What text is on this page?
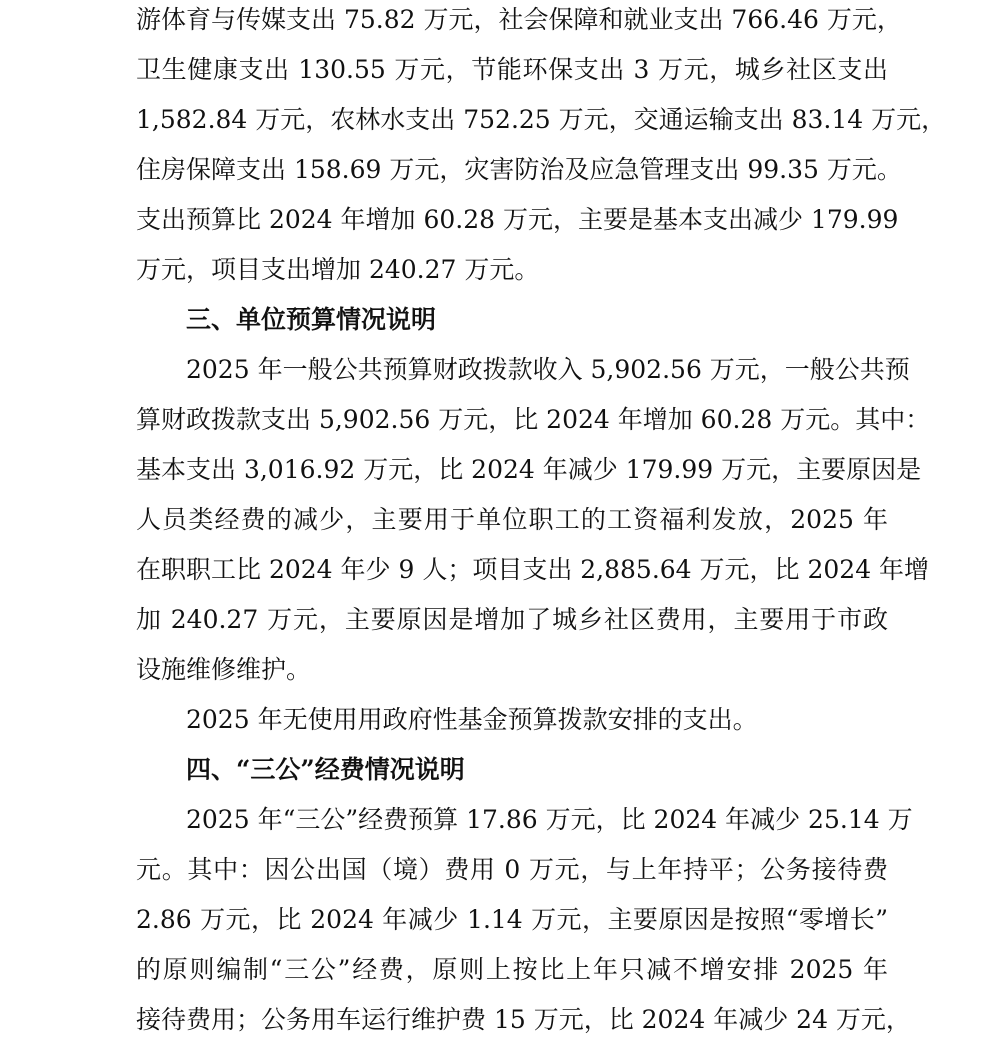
游体育与传媒支出 75.82 万元，社会保障和就业支出 766.46 万元，
卫生健康支出 130.55 万元，节能环保支出 3 万元，城乡社区支出
1,582.84 万元，农林水支出 752.25 万元，交通运输支出 83.14 万元，
住房保障支出 158.69 万元，灾害防治及应急管理支出 99.35 万元。
支出预算比 2024 年增加 60.28 万元，主要是基本支出减少 179.99
万元，项目支出增加 240.27 万元。
三、单位预算情况说明
2025 年一般公共预算财政拨款收入 5,902.56 万元，一般公共预
算财政拨款支出 5,902.56 万元，比 2024 年增加 60.28 万元。其中：
基本支出 3,016.92 万元，比 2024 年减少 179.99 万元，主要原因是
人员类经费的减少，主要用于单位职工的工资福利发放，2025 年
在职职工比 2024 年少 9 人；项目支出 2,885.64 万元，比 2024 年增
加 240.27 万元，主要原因是增加了城乡社区费用，主要用于市政
设施维修维护。
2025 年无使用用政府性基金预算拨款安排的支出。
四、“三公”经费情况说明
2025 年“三公”经费预算 17.86 万元，比 2024 年减少 25.14 万
元。其中：因公出国（境）费用 0 万元，与上年持平；公务接待费
2.86 万元，比 2024 年减少 1.14 万元，主要原因是按照“零增长”
的原则编制“三公”经费，原则上按比上年只减不增安排 2025 年
接待费用；公务用车运行维护费 15 万元，比 2024 年减少 24 万元，
